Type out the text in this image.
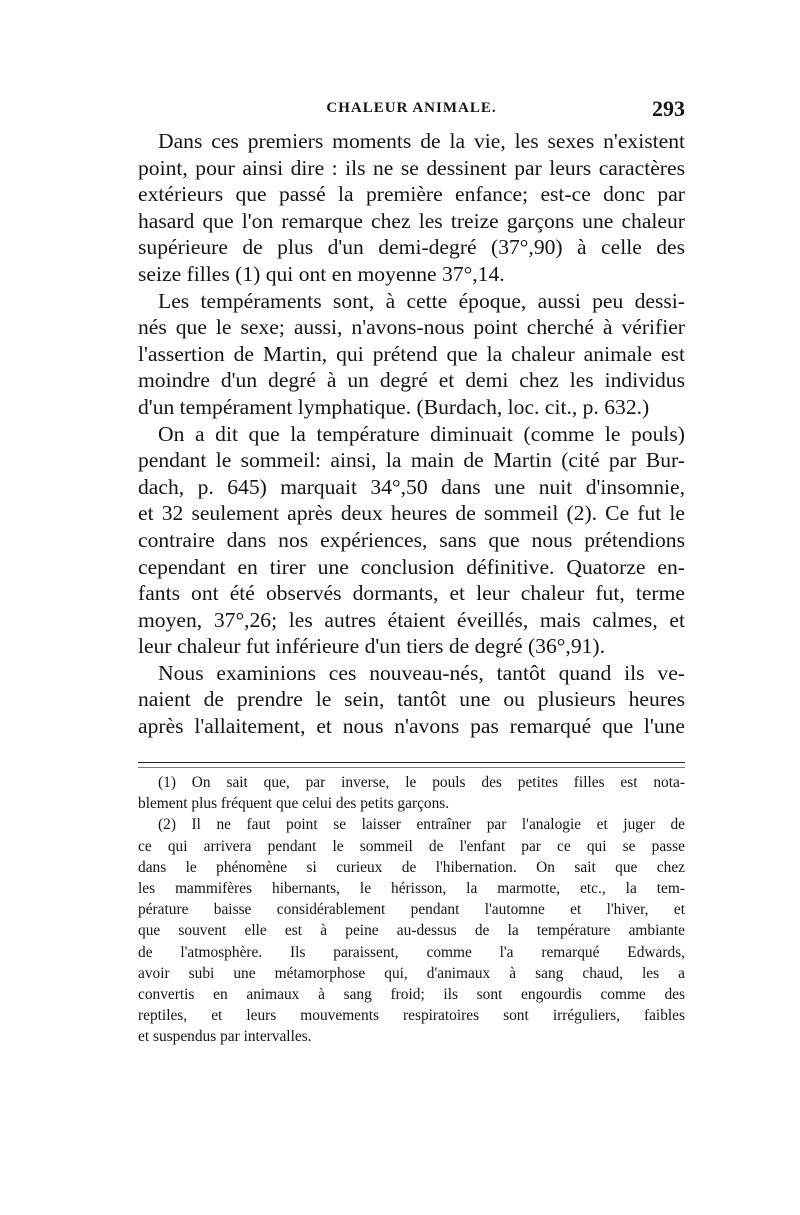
CHALEUR ANIMALE.	293
Dans ces premiers moments de la vie, les sexes n'existent
point, pour ainsi dire : ils ne se dessinent par leurs caractères
extérieurs que passé la première enfance; est-ce donc par
hasard que l'on remarque chez les treize garçons une chaleur
supérieure de plus d'un demi-degré (37°,90) à celle des
seize filles (1) qui ont en moyenne 37°,14.
Les tempéraments sont, à cette époque, aussi peu dessi-
nés que le sexe; aussi, n'avons-nous point cherché à vérifier
l'assertion de Martin, qui prétend que la chaleur animale est
moindre d'un degré à un degré et demi chez les individus
d'un tempérament lymphatique. (Burdach, loc. cit., p. 632.)
On a dit que la température diminuait (comme le pouls)
pendant le sommeil: ainsi, la main de Martin (cité par Bur-
dach, p. 645) marquait 34°,50 dans une nuit d'insomnie,
et 32 seulement après deux heures de sommeil (2). Ce fut le
contraire dans nos expériences, sans que nous prétendions
cependant en tirer une conclusion définitive. Quatorze en-
fants ont été observés dormants, et leur chaleur fut, terme
moyen, 37°,26; les autres étaient éveillés, mais calmes, et
leur chaleur fut inférieure d'un tiers de degré (36°,91).
Nous examinions ces nouveau-nés, tantôt quand ils ve-
naient de prendre le sein, tantôt une ou plusieurs heures
après l'allaitement, et nous n'avons pas remarqué que l'une
(1) On sait que, par inverse, le pouls des petites filles est nota-
blement plus fréquent que celui des petits garçons.
(2) Il ne faut point se laisser entraîner par l'analogie et juger de
ce qui arrivera pendant le sommeil de l'enfant par ce qui se passe
dans le phénomène si curieux de l'hibernation. On sait que chez
les mammifères hibernants, le hérisson, la marmotte, etc., la tem-
pérature baisse considérablement pendant l'automne et l'hiver, et
que souvent elle est à peine au-dessus de la température ambiante
de l'atmosphère. Ils paraissent, comme l'a remarqué Edwards,
avoir subi une métamorphose qui, d'animaux à sang chaud, les a
convertis en animaux à sang froid; ils sont engourdis comme des
reptiles, et leurs mouvements respiratoires sont irréguliers, faibles
et suspendus par intervalles.
